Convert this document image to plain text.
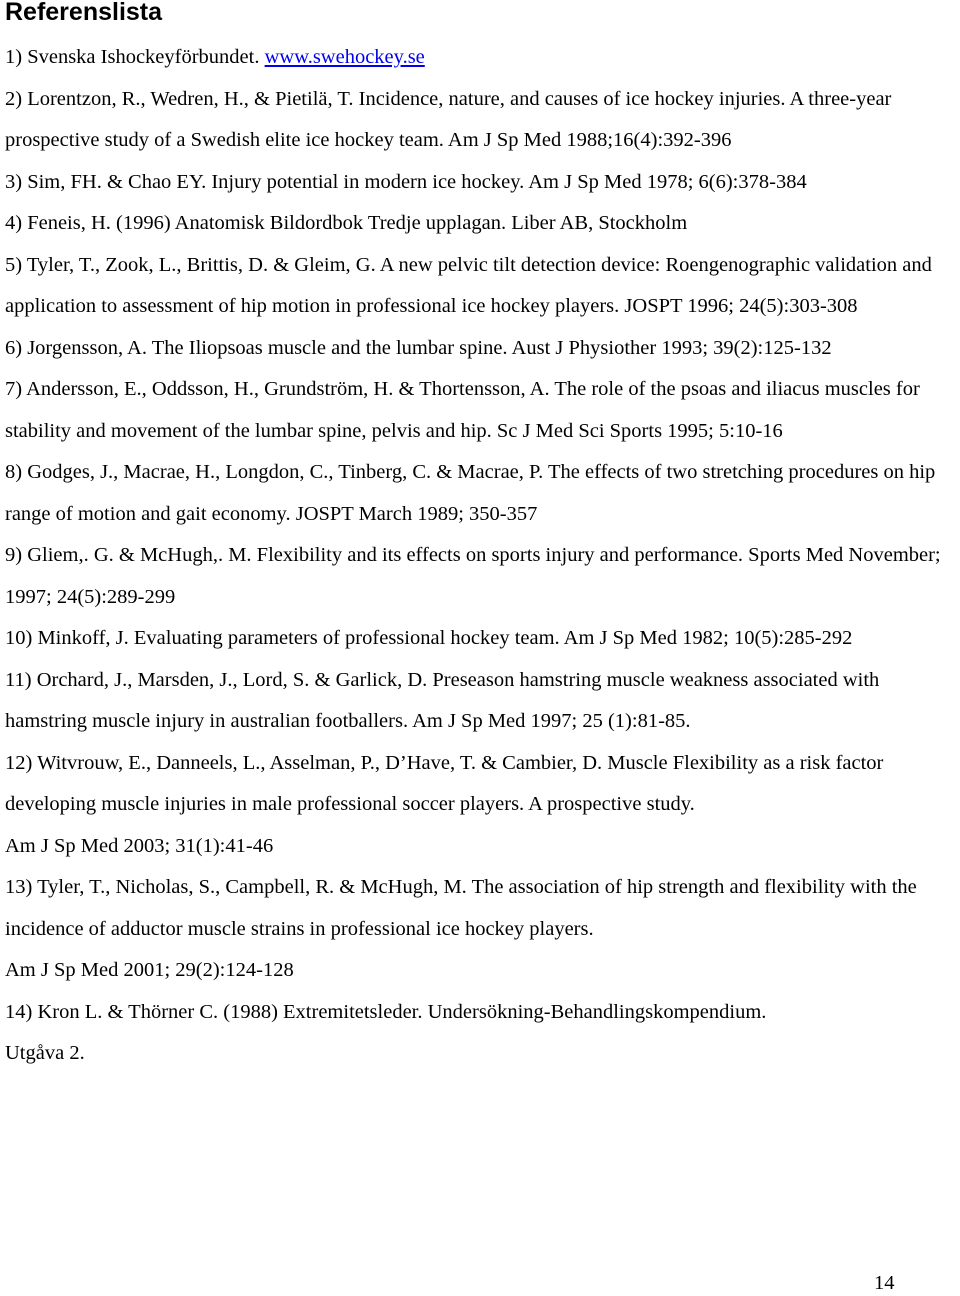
Referenslista

1) Svenska Ishockeyförbundet. www.swehockey.se

2) Lorentzon, R., Wedren, H., & Pietilä, T. Incidence, nature, and causes of ice hockey injuries. A three-year prospective study of a Swedish elite ice hockey team. Am J Sp Med 1988;16(4):392-396

3) Sim, FH. & Chao EY. Injury potential in modern ice hockey. Am J Sp Med 1978; 6(6):378-384

4) Feneis, H. (1996) Anatomisk Bildordbok Tredje upplagan. Liber AB, Stockholm

5) Tyler, T., Zook, L., Brittis, D. & Gleim, G. A new pelvic tilt detection device: Roengenographic validation and application to assessment of hip motion in professional ice hockey players. JOSPT 1996; 24(5):303-308

6) Jorgensson, A. The Iliopsoas muscle and the lumbar spine. Aust J Physiother 1993; 39(2):125-132

7) Andersson, E., Oddsson, H., Grundström, H. & Thortensson, A. The role of the psoas and iliacus muscles for stability and movement of the lumbar spine, pelvis and hip. Sc J Med Sci Sports 1995; 5:10-16

8) Godges, J., Macrae, H., Longdon, C., Tinberg, C. & Macrae, P. The effects of two stretching procedures on hip range of motion and gait economy. JOSPT March 1989; 350-357

9) Gliem,. G. & McHugh,. M. Flexibility and its effects on sports injury and performance. Sports Med November; 1997; 24(5):289-299

10) Minkoff, J. Evaluating parameters of professional hockey team. Am J Sp Med 1982; 10(5):285-292

11) Orchard, J., Marsden, J., Lord, S. & Garlick, D. Preseason hamstring muscle weakness associated with hamstring muscle injury in australian footballers. Am J Sp Med 1997; 25 (1):81-85.

12) Witvrouw, E., Danneels, L., Asselman, P., D’Have, T. & Cambier, D. Muscle Flexibility as a risk factor developing muscle injuries in male professional soccer players. A prospective study.
Am J Sp Med 2003; 31(1):41-46

13) Tyler, T., Nicholas, S., Campbell, R. & McHugh, M. The association of hip strength and flexibility with the incidence of adductor muscle strains in professional ice hockey players.
Am J Sp Med 2001; 29(2):124-128

14) Kron L. & Thörner C. (1988) Extremitetsleder. Undersökning-Behandlingskompendium.
Utgåva 2.

14
